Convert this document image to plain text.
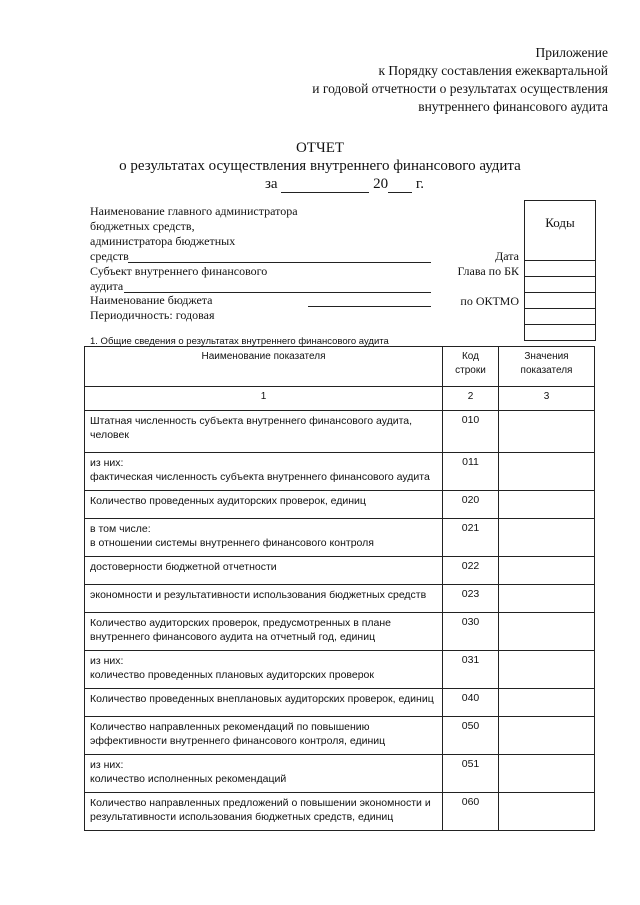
Приложение
к Порядку составления ежеквартальной
и годовой отчетности о результатах осуществления
внутреннего финансового аудита
ОТЧЕТ
о результатах осуществления внутреннего финансового аудита
за	20 г.
Наименование главного администратора
бюджетных средств,
администратора бюджетных
средств
Субъект внутреннего финансового
аудита
Наименование бюджета
Периодичность: годовая
Дата
Глава по БК
по ОКТМО
Коды
1. Общие сведения о результатах внутреннего финансового аудита
Наименование показателя	Код строки	Значения показателя
1	2	3
Штатная численность субъекта внутреннего финансового аудита, человек	010	
из них:
фактическая численность субъекта внутреннего финансового аудита	011	
Количество проведенных аудиторских проверок, единиц	020	
в том числе:
в отношении системы внутреннего финансового контроля	021	
достоверности бюджетной отчетности	022	
экономности и результативности использования бюджетных средств	023	
Количество аудиторских проверок, предусмотренных в плане внутреннего финансового аудита на отчетный год, единиц	030	
из них:
количество проведенных плановых аудиторских проверок	031	
Количество проведенных внеплановых аудиторских проверок, единиц	040	
Количество направленных рекомендаций по повышению эффективности внутреннего финансового контроля, единиц	050	
из них:
количество исполненных рекомендаций	051	
Количество направленных предложений о повышении экономности и результативности использования бюджетных средств, единиц	060	
